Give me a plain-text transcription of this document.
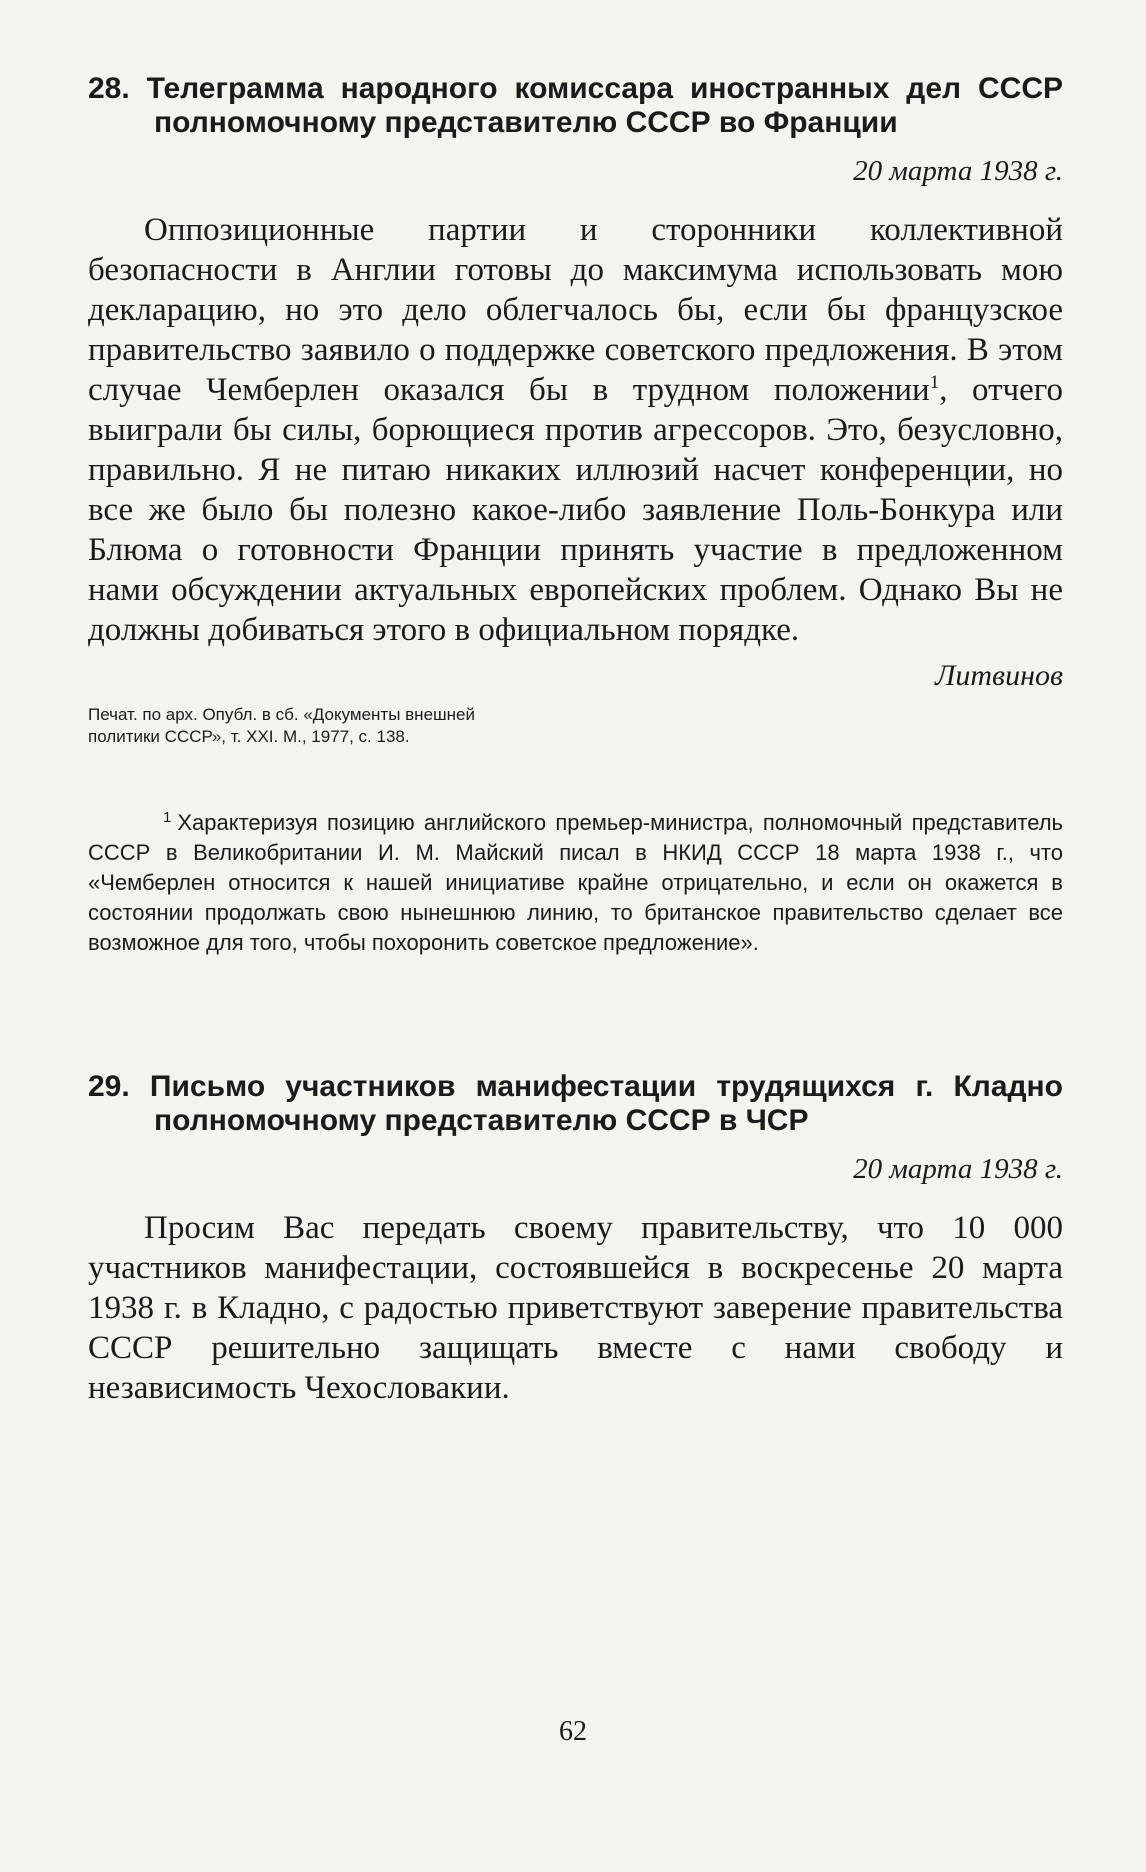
28. Телеграмма народного комиссара иностранных дел СССР полномочному представителю СССР во Франции
20 марта 1938 г.

Оппозиционные партии и сторонники коллективной безопасности в Англии готовы до максимума использовать мою декларацию, но это дело облегчалось бы, если бы французское правительство заявило о поддержке советского предложения. В этом случае Чемберлен оказался бы в трудном положении$^1$, отчего выиграли бы силы, борющиеся против агрессоров. Это, безусловно, правильно. Я не питаю никаких иллюзий насчет конференции, но все же было бы полезно какое-либо заявление Поль-Бонкура или Блюма о готовности Франции принять участие в предложенном нами обсуждении актуальных европейских проблем. Однако Вы не должны добиваться этого в официальном порядке.

Литвинов

Печат. по арх. Опубл. в сб. «Документы внешней политики СССР», т. XXI. М., 1977, с. 138.

$^1$ Характеризуя позицию английского премьер-министра, полномочный представитель СССР в Великобритании И. М. Майский писал в НКИД СССР 18 марта 1938 г., что «Чемберлен относится к нашей инициативе крайне отрицательно, и если он окажется в состоянии продолжать свою нынешнюю линию, то британское правительство сделает все возможное для того, чтобы похоронить советское предложение».

29. Письмо участников манифестации трудящихся г. Кладно полномочному представителю СССР в ЧСР
20 марта 1938 г.

Просим Вас передать своему правительству, что 10 000 участников манифестации, состоявшейся в воскресенье 20 марта 1938 г. в Кладно, с радостью приветствуют заверение правительства СССР решительно защищать вместе с нами свободу и независимость Чехословакии.

62
